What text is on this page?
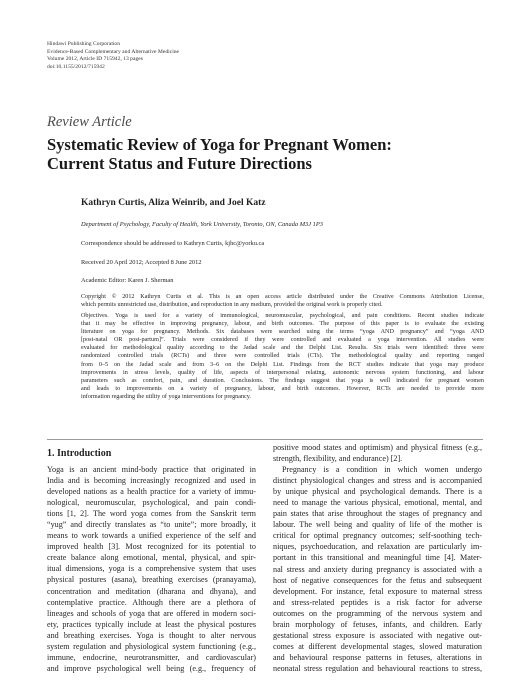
Hindawi Publishing Corporation
Evidence-Based Complementary and Alternative Medicine
Volume 2012, Article ID 715942, 13 pages
doi:10.1155/2012/715942
Review Article
Systematic Review of Yoga for Pregnant Women:
Current Status and Future Directions
Kathryn Curtis, Aliza Weinrib, and Joel Katz
Department of Psychology, Faculty of Health, York University, Toronto, ON, Canada M3J 1P3
Correspondence should be addressed to Kathryn Curtis, kjhc@yorku.ca
Received 20 April 2012; Accepted 8 June 2012
Academic Editor: Karen J. Sherman
Copyright © 2012 Kathryn Curtis et al. This is an open access article distributed under the Creative Commons Attribution License,
which permits unrestricted use, distribution, and reproduction in any medium, provided the original work is properly cited.
Objectives. Yoga is used for a variety of immunological, neuromuscular, psychological, and pain conditions. Recent studies indicate
that it may be effective in improving pregnancy, labour, and birth outcomes. The purpose of this paper is to evaluate the existing
literature on yoga for pregnancy. Methods. Six databases were searched using the terms “yoga AND pregnancy” and “yoga AND
[post-natal OR post-partum]”. Trials were considered if they were controlled and evaluated a yoga intervention. All studies were
evaluated for methodological quality according to the Jadad scale and the Delphi List. Results. Six trials were identified: three were
randomized controlled trials (RCTs) and three were controlled trials (CTs). The methodological quality and reporting ranged
from 0–5 on the Jadad scale and from 3–6 on the Delphi List. Findings from the RCT studies indicate that yoga may produce
improvements in stress levels, quality of life, aspects of interpersonal relating, autonomic nervous system functioning, and labour
parameters such as comfort, pain, and duration. Conclusions. The findings suggest that yoga is well indicated for pregnant women
and leads to improvements on a variety of pregnancy, labour, and birth outcomes. However, RCTs are needed to provide more
information regarding the utility of yoga interventions for pregnancy.
1. Introduction
Yoga is an ancient mind-body practice that originated in
India and is becoming increasingly recognized and used in
developed nations as a health practice for a variety of immu-
nological, neuromuscular, psychological, and pain condi-
tions [1, 2]. The word yoga comes from the Sanskrit term
“yug” and directly translates as “to unite”; more broadly, it
means to work towards a unified experience of the self and
improved health [3]. Most recognized for its potential to
create balance along emotional, mental, physical, and spir-
itual dimensions, yoga is a comprehensive system that uses
physical postures (asana), breathing exercises (pranayama),
concentration and meditation (dharana and dhyana), and
contemplative practice. Although there are a plethora of
lineages and schools of yoga that are offered in modern soci-
ety, practices typically include at least the physical postures
and breathing exercises. Yoga is thought to alter nervous
system regulation and physiological system functioning (e.g.,
immune, endocrine, neurotransmitter, and cardiovascular)
and improve psychological well being (e.g., frequency of
positive mood states and optimism) and physical fitness (e.g.,
strength, flexibility, and endurance) [2].
Pregnancy is a condition in which women undergo
distinct physiological changes and stress and is accompanied
by unique physical and psychological demands. There is a
need to manage the various physical, emotional, mental, and
pain states that arise throughout the stages of pregnancy and
labour. The well being and quality of life of the mother is
critical for optimal pregnancy outcomes; self-soothing tech-
niques, psychoeducation, and relaxation are particularly im-
portant in this transitional and meaningful time [4]. Mater-
nal stress and anxiety during pregnancy is associated with a
host of negative consequences for the fetus and subsequent
development. For instance, fetal exposure to maternal stress
and stress-related peptides is a risk factor for adverse
outcomes on the programming of the nervous system and
brain morphology of fetuses, infants, and children. Early
gestational stress exposure is associated with negative out-
comes at different developmental stages, slowed maturation
and behavioural response patterns in fetuses, alterations in
neonatal stress regulation and behavioural reactions to stress,
